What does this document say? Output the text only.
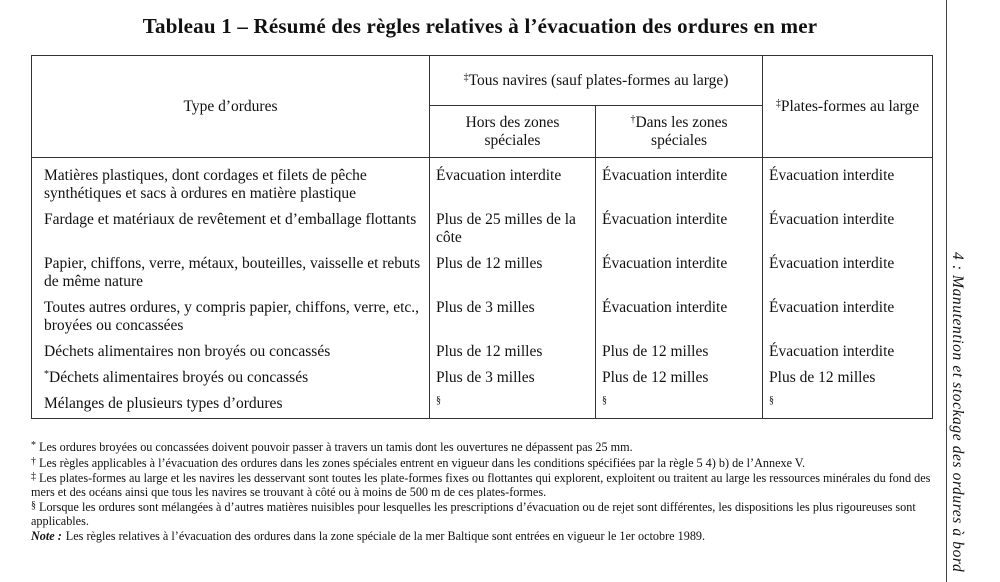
Tableau 1 – Résumé des règles relatives à l’évacuation des ordures en mer
4 : Manutention et stockage des ordures à bord
Type d’ordures	‡Tous navires (sauf plates-formes au large)		‡Plates-formes au large
	Hors des zones spéciales	†Dans les zones spéciales	
Matières plastiques, dont cordages et filets de pêche synthétiques et sacs à ordures en matière plastique	Évacuation interdite	Évacuation interdite	Évacuation interdite
Fardage et matériaux de revêtement et d’emballage flottants	Plus de 25 milles de la côte	Évacuation interdite	Évacuation interdite
Papier, chiffons, verre, métaux, bouteilles, vaisselle et rebuts de même nature	Plus de 12 milles	Évacuation interdite	Évacuation interdite
Toutes autres ordures, y compris papier, chiffons, verre, etc., broyées ou concassées	Plus de 3 milles	Évacuation interdite	Évacuation interdite
Déchets alimentaires non broyés ou concassés	Plus de 12 milles	Plus de 12 milles	Évacuation interdite
*Déchets alimentaires broyés ou concassés	Plus de 3 milles	Plus de 12 milles	Plus de 12 milles
Mélanges de plusieurs types d’ordures	§	§	§
* Les ordures broyées ou concassées doivent pouvoir passer à travers un tamis dont les ouvertures ne dépassent pas 25 mm.
† Les règles applicables à l’évacuation des ordures dans les zones spéciales entrent en vigueur dans les conditions spécifiées par la règle 5 4) b) de l’Annexe V.
‡ Les plates-formes au large et les navires les desservant sont toutes les plate-formes fixes ou flottantes qui explorent, exploitent ou traitent au large les ressources minérales du fond des mers et des océans ainsi que tous les navires se trouvant à côté ou à moins de 500 m de ces plates-formes.
§ Lorsque les ordures sont mélangées à d’autres matières nuisibles pour lesquelles les prescriptions d’évacuation ou de rejet sont différentes, les dispositions les plus rigoureuses sont applicables.
Note : Les règles relatives à l’évacuation des ordures dans la zone spéciale de la mer Baltique sont entrées en vigueur le 1er octobre 1989.
